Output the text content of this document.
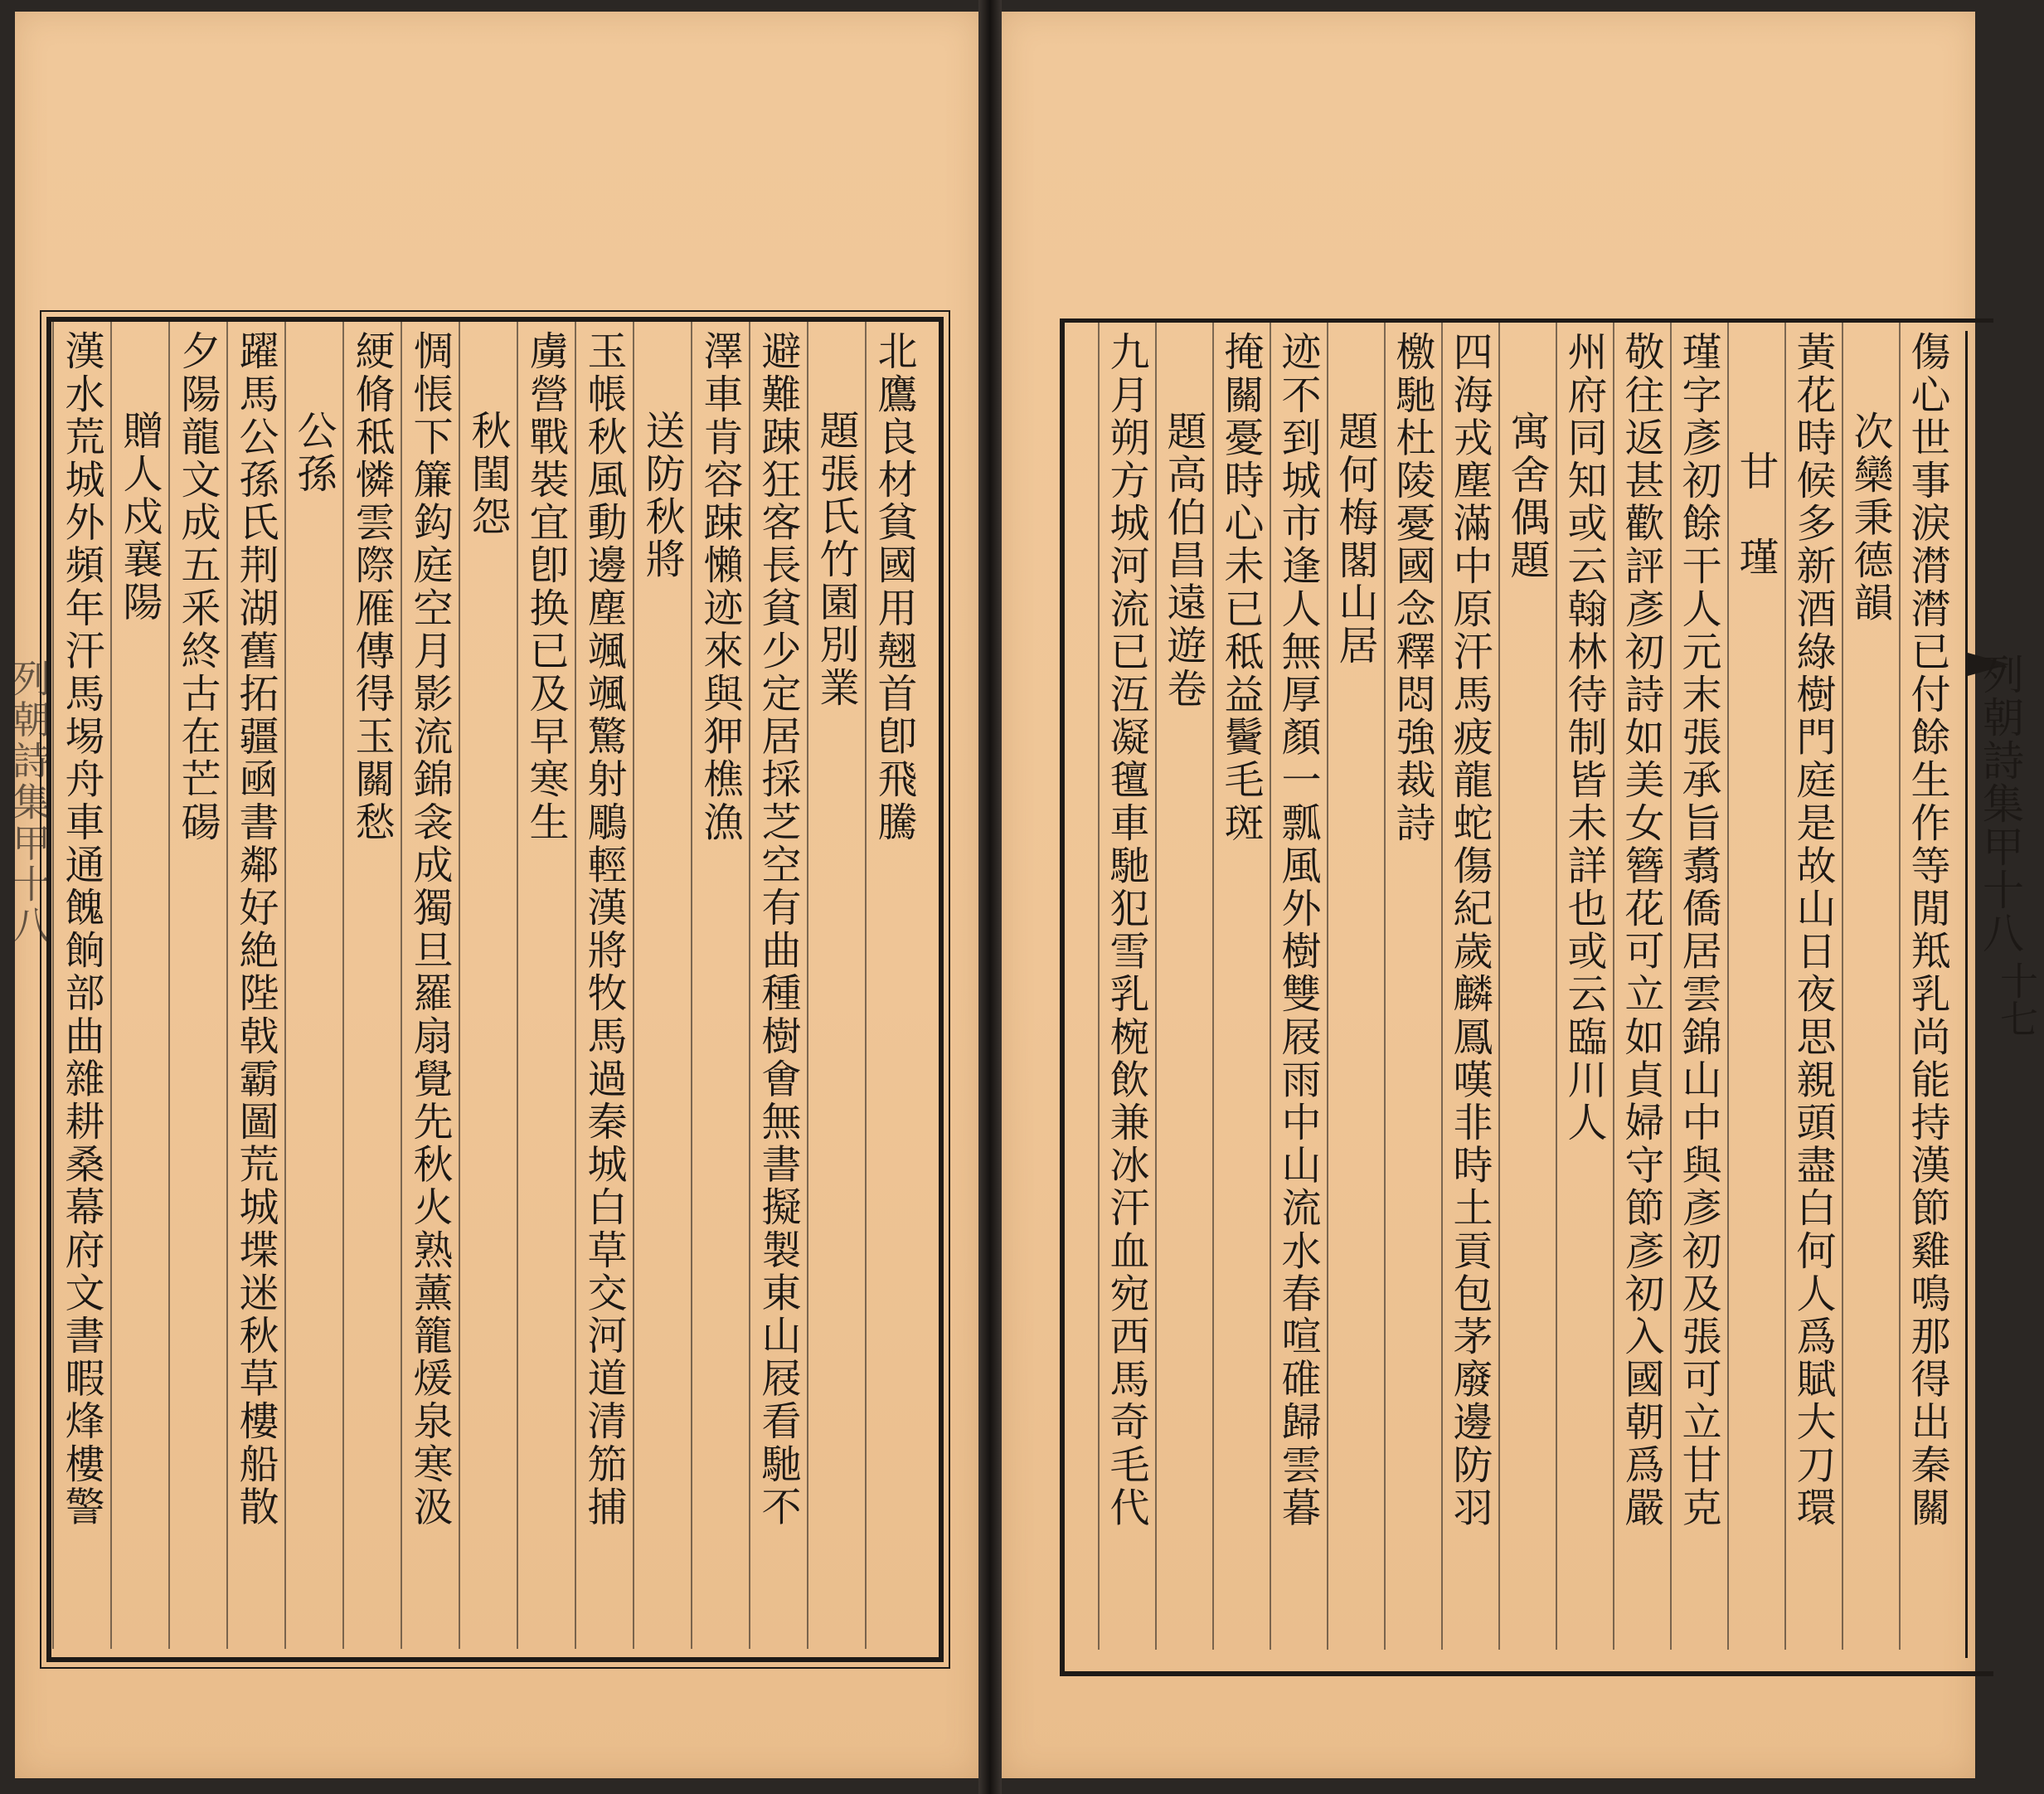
列朝詩集甲十八	北鷹良材貧國用翹首卽飛騰
題張氏竹園別業
避難踈狂客長貧少定居採芝空有曲種樹㑹無書擬製東山屐看馳不
澤車肯容踈懶迹來與狎樵漁
送防秋將
玉帳秋風動邊塵颯颯驚射鵰輕漢將牧馬過秦城白草交河道清笳捕
虜營戰裝宜卽换已及早寒生
秋閨怨
惆悵下簾鈎庭空月影流錦衾成獨旦羅扇覺先秋火熟薰籠煖泉寒汲
綆脩秪憐雲際雁傳得玉關愁
公孫
躍馬公孫氏荆湖舊拓疆凾書鄰好絶陛戟霸圖荒城堞迷秋草樓船散
夕陽龍文成五釆終古在芒碭
贈人戍襄陽
漢水荒城外頻年汗馬埸舟車通餽餉部曲雜耕桑幕府文書暇烽樓警	列朝詩集甲十八
十七
傷心世事淚潸潸已付餘生作等閒羝乳尚能持漢節雞鳴那得出秦關
次欒秉德韻
黃花時候多新酒綠樹門庭是故山日夜思親頭盡白何人爲賦大刀環
甘　瑾
瑾字彥初餘干人元末張承旨翥僑居雲錦山中與彥初及張可立甘克
敬往返甚歡評彥初詩如美女簪花可立如貞婦守節彥初入國朝爲嚴
州府同知或云翰林待制皆未詳也或云臨川人
寓舍偶題
四海戎塵滿中原汗馬疲龍蛇傷紀歲麟鳳嘆非時土貢包茅廢邊防羽
檄馳杜陵憂國念釋悶強裁詩
題何梅閣山居
迹不到城市逢人無厚顏一瓢風外樹雙屐雨中山流水春喧碓歸雲暮
掩關憂時心未已秪益鬢毛斑
題高伯昌遠遊卷
九月朔方城河流已沍凝氊車馳犯雪乳椀飲兼冰汗血宛西馬奇毛代
